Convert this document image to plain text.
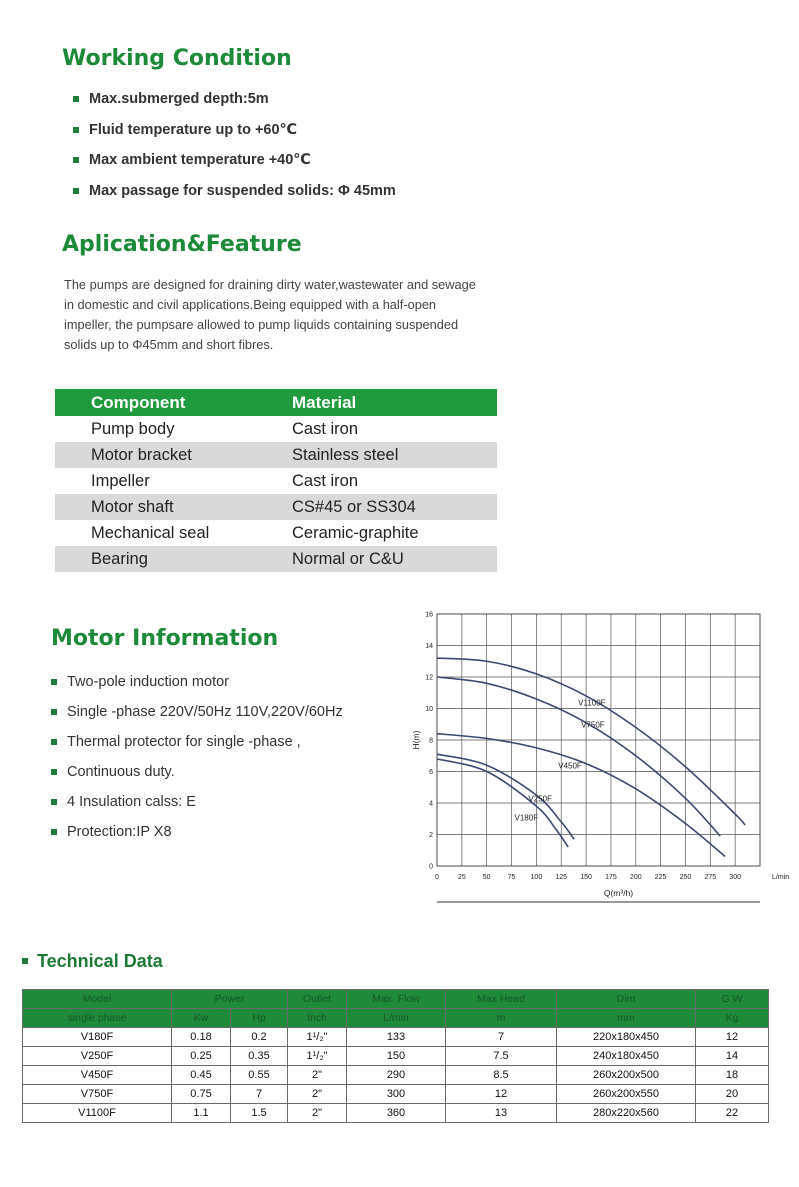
Working Condition
Max.submerged depth:5m
Fluid temperature up to +60℃
Max ambient temperature +40℃
Max passage for suspended solids: Φ 45mm
Aplication&Feature

The pumps are designed for draining dirty water,wastewater and sewage
in domestic and civil applications.Being equipped with a half-open
impeller, the pumpsare allowed to pump liquids containing suspended
solids up to Φ45mm and short fibres.

Component	Material
Pump body	Cast iron
Motor bracket	Stainless steel
Impeller	Cast iron
Motor shaft	CS#45 or SS304
Mechanical seal	Ceramic-graphite
Bearing	Normal or C&U
Motor Information
Two-pole induction motor
Single -phase 220V/50Hz 110V,220V/60Hz
Thermal protector for single -phase ,
Continuous duty.
4 Insulation calss: E
Protection:IP X8
0	25 50 75 100 125 150 175 200 225 250 275 300	L/min
0
2
4
6
8
10
12
14
16
H(m)
Q(m³/h)
V1100F
V750F
V450F
V250F
V180F
Technical Data
Model	Power		Outlet	Max. Flow	Max Head	Dim	G.W
single phase	Kw	Hp	Inch	L/min	m	mm	Kg
V180F	0.18	0.2	1¹/₂"	133	7	220x180x450	12
V250F	0.25	0.35	1¹/₂"	150	7.5	240x180x450	14
V450F	0.45	0.55	2"	290	8.5	260x200x500	18
V750F	0.75	7	2"	300	12	260x200x550	20
V1100F	1.1	1.5	2"	360	13	280x220x560	22
